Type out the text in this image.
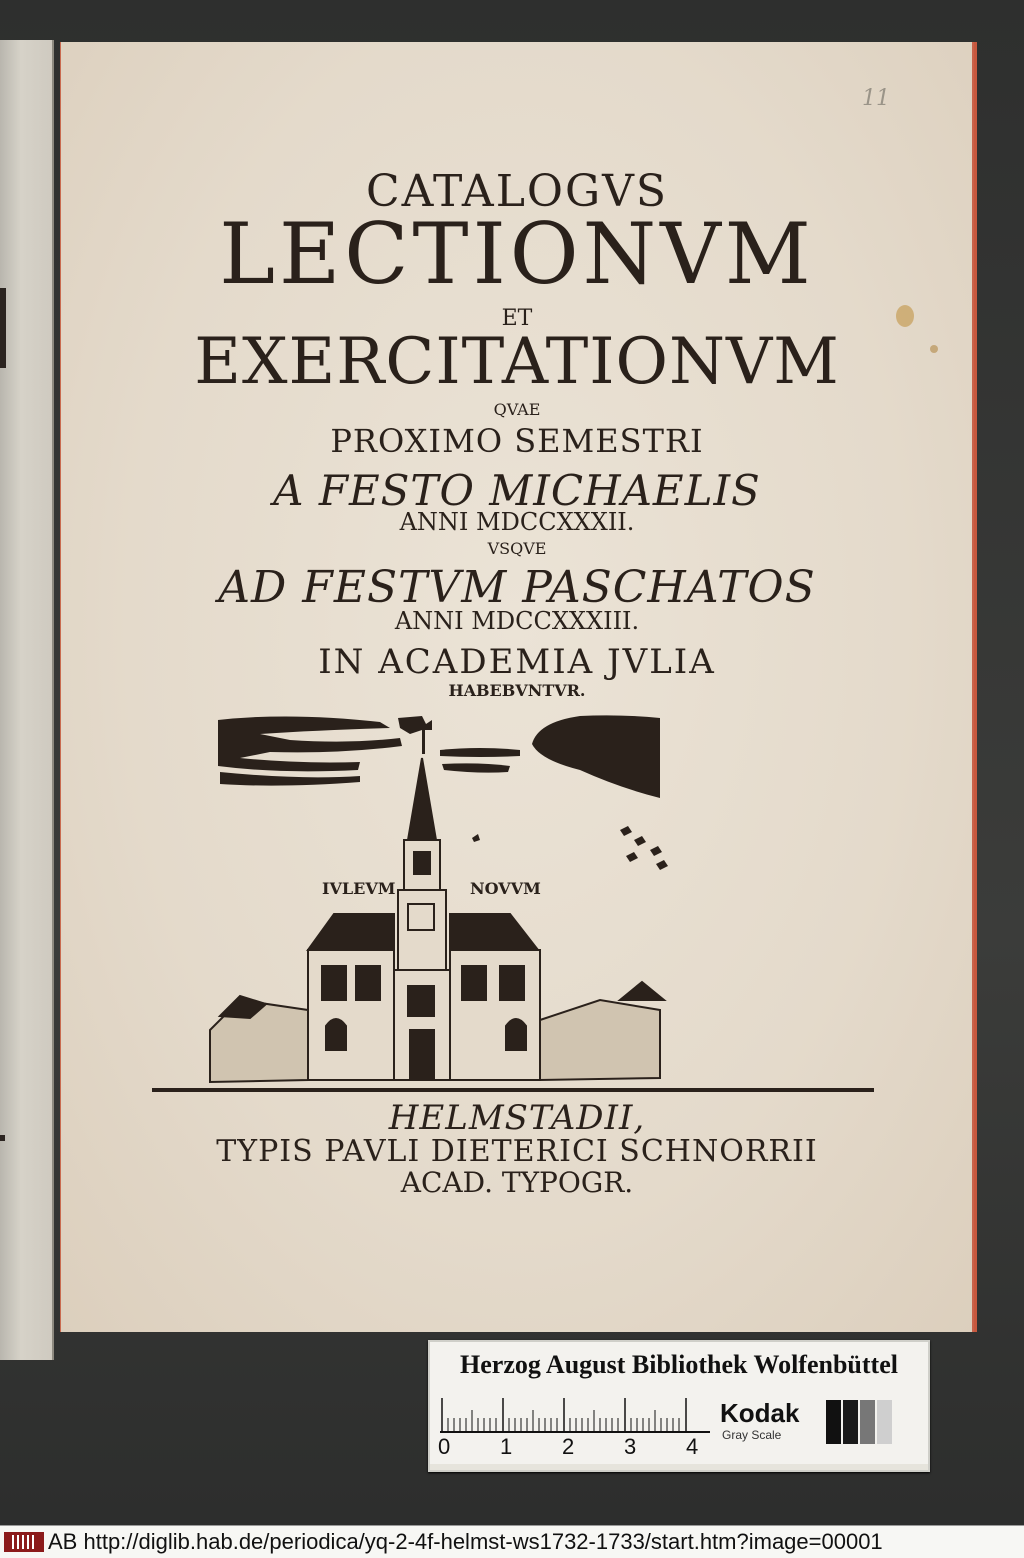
11

CATALOGVS

LECTIONVM

ET

EXERCITATIONVM

QVAE

PROXIMO SEMESTRI

A FESTO MICHAELIS

ANNI MDCCXXXII.

VSQVE

AD FESTVM PASCHATOS

ANNI MDCCXXXIII.

IN ACADEMIA JVLIA

HABEBVNTVR.

IVLEVM	NOVVM

HELMSTADII,

TYPIS PAVLI DIETERICI SCHNORRII

ACAD. TYPOGR.

Herzog August Bibliothek Wolfenbüttel
0 1 2 3 4
Kodak
Gray Scale
AB http://diglib.hab.de/periodica/yq-2-4f-helmst-ws1732-1733/start.htm?image=00001
